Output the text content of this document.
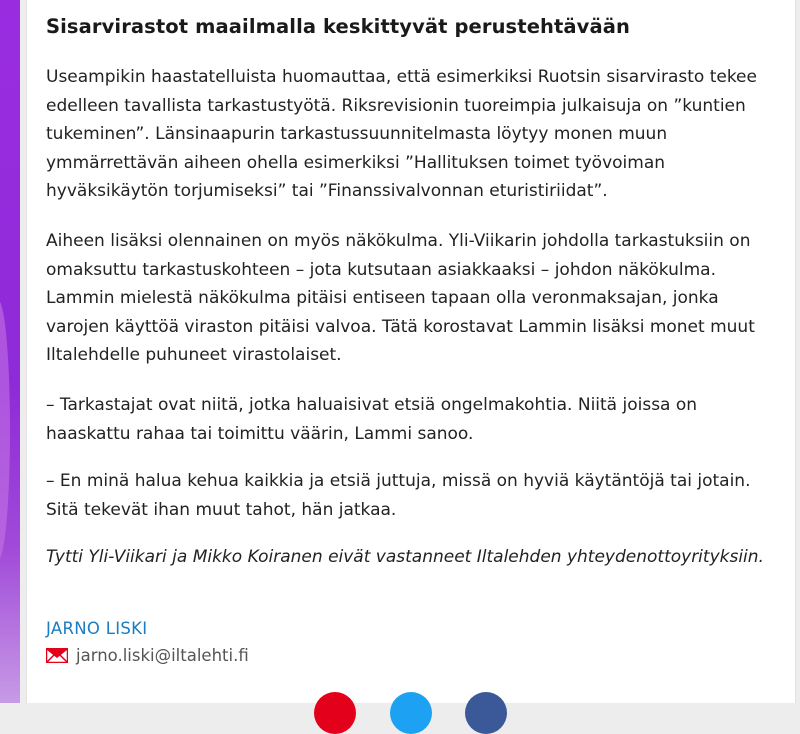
Sisarvirastot maailmalla keskittyvät perustehtävään

Useampikin haastatelluista huomauttaa, että esimerkiksi Ruotsin sisarvirasto tekee edelleen tavallista tarkastustyötä. Riksrevisionin tuoreimpia julkaisuja on ”kuntien tukeminen”. Länsinaapurin tarkastussuunnitelmasta löytyy monen muun ymmärrettävän aiheen ohella esimerkiksi ”Hallituksen toimet työvoiman hyväksikäytön torjumiseksi” tai ”Finanssivalvonnan eturistiriidat”.

Aiheen lisäksi olennainen on myös näkökulma. Yli-Viikarin johdolla tarkastuksiin on omaksuttu tarkastuskohteen – jota kutsutaan asiakkaaksi – johdon näkökulma. Lammin mielestä näkökulma pitäisi entiseen tapaan olla veronmaksajan, jonka varojen käyttöä viraston pitäisi valvoa. Tätä korostavat Lammin lisäksi monet muut Iltalehdelle puhuneet virastolaiset.

– Tarkastajat ovat niitä, jotka haluaisivat etsiä ongelmakohtia. Niitä joissa on haaskattu rahaa tai toimittu väärin, Lammi sanoo.

– En minä halua kehua kaikkia ja etsiä juttuja, missä on hyviä käytäntöjä tai jotain. Sitä tekevät ihan muut tahot, hän jatkaa.

Tytti Yli-Viikari ja Mikko Koiranen eivät vastanneet Iltalehden yhteydenottoyrityksiin.

JARNO LISKI
jarno.liski@iltalehti.fi
